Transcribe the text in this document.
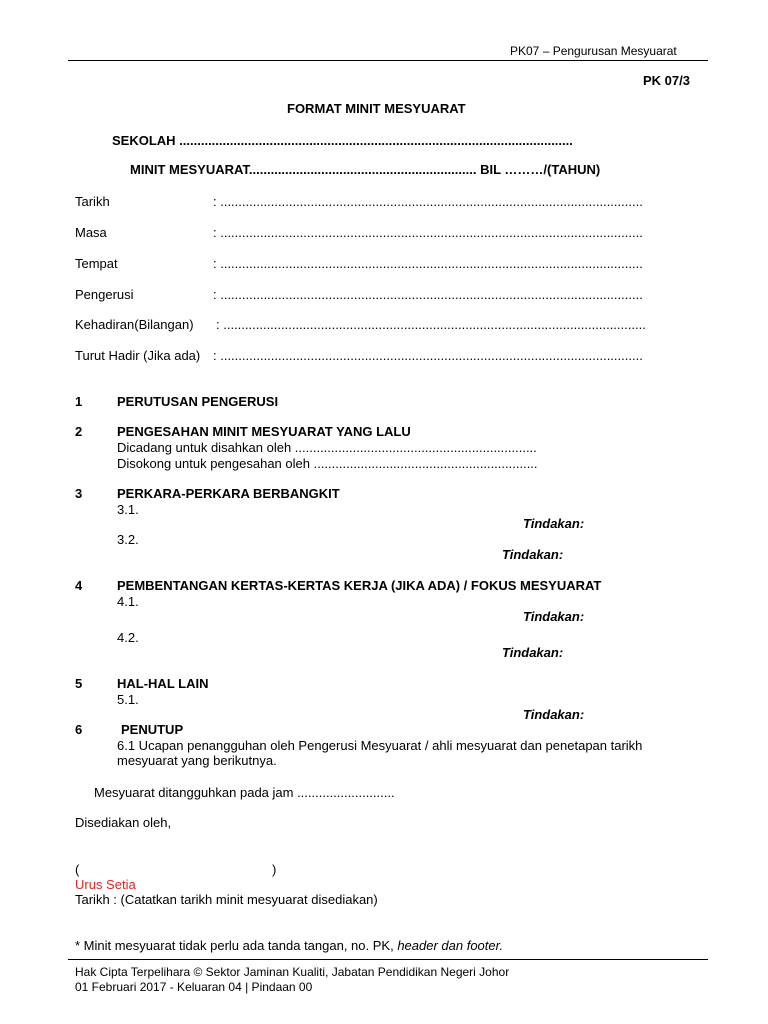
PK07 – Pengurusan Mesyuarat
PK 07/3
FORMAT MINIT MESYUARAT
SEKOLAH .............................................................................................................
MINIT MESYUARAT............................................................... BIL ………/(TAHUN)
Tarikh	: .....................................................................................................................
Masa	: .....................................................................................................................
Tempat	: .....................................................................................................................
Pengerusi	: .....................................................................................................................
Kehadiran(Bilangan) : .....................................................................................................................
Turut Hadir (Jika ada) : .....................................................................................................................
1	PERUTUSAN PENGERUSI
2	PENGESAHAN MINIT MESYUARAT YANG LALU
Dicadang untuk disahkan oleh ...................................................................
Disokong untuk pengesahan oleh ..............................................................
3	PERKARA-PERKARA BERBANGKIT
3.1.
Tindakan:
3.2.
Tindakan:
4	PEMBENTANGAN KERTAS-KERTAS KERJA (JIKA ADA) / FOKUS MESYUARAT
4.1.
Tindakan:
4.2.
Tindakan:
5	HAL-HAL LAIN
5.1.
Tindakan:
6	PENUTUP
6.1 Ucapan penangguhan oleh Pengerusi Mesyuarat / ahli mesyuarat dan penetapan tarikh
mesyuarat yang berikutnya.
Mesyuarat ditangguhkan pada jam ...........................
Disediakan oleh,
(	)
Urus Setia
Tarikh : (Catatkan tarikh minit mesyuarat disediakan)
* Minit mesyuarat tidak perlu ada tanda tangan, no. PK, header dan footer.
Hak Cipta Terpelihara © Sektor Jaminan Kualiti, Jabatan Pendidikan Negeri Johor
01 Februari 2017 - Keluaran 04 | Pindaan 00
